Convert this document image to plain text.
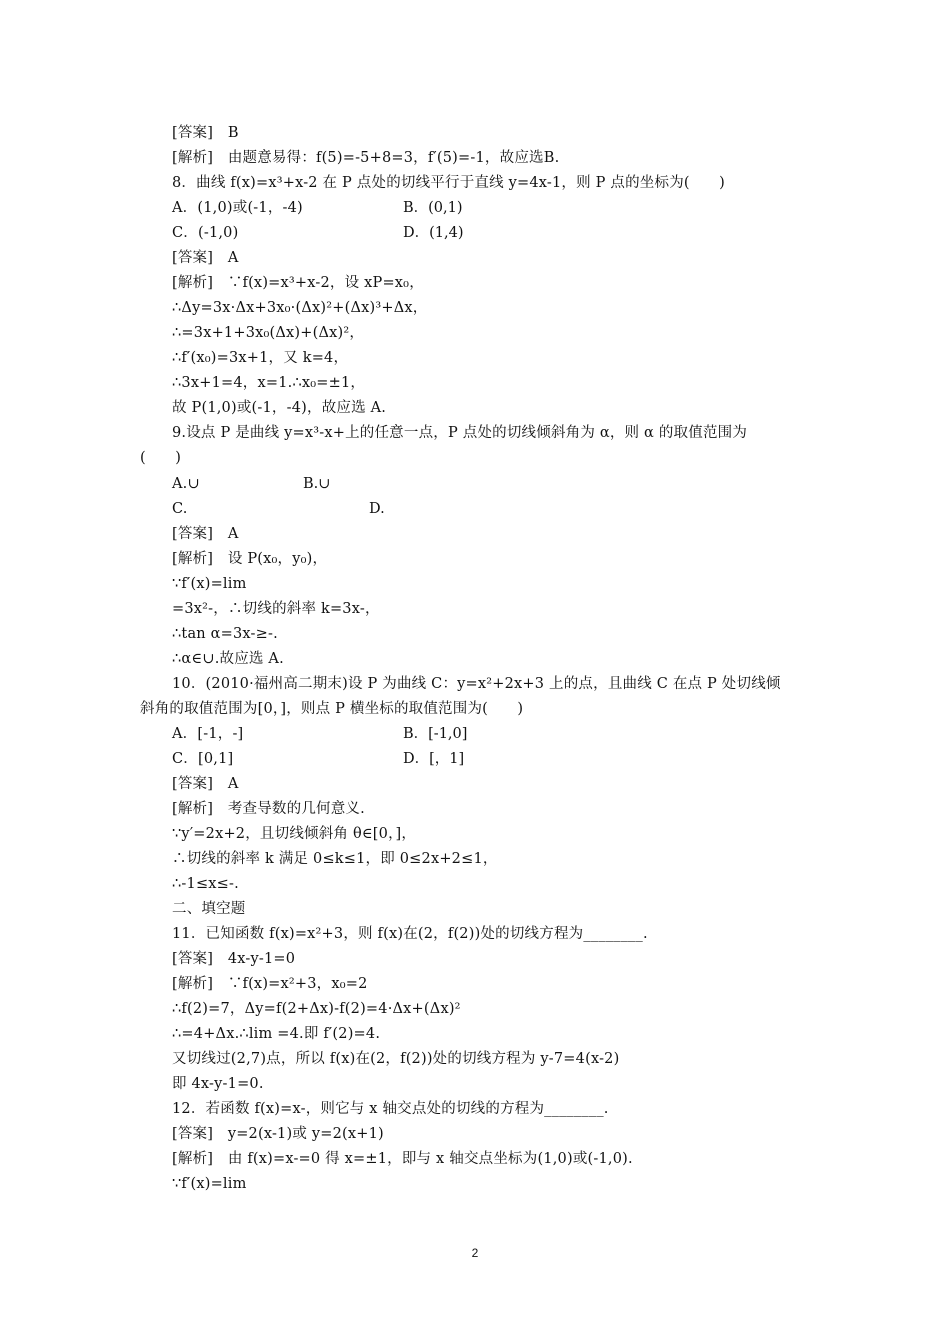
[答案]　B
[解析]　由题意易得：f(5)=-5+8=3，f′(5)=-1，故应选B.
8．曲线 f(x)=x³+x-2 在 P 点处的切线平行于直线 y=4x-1，则 P 点的坐标为(　　)
A．(1,0)或(-1，-4)	B．(0,1)
C．(-1,0)	D．(1,4)
[答案]　A
[解析]　∵f(x)=x³+x-2，设 xP=x₀，
∴Δy=3x·Δx+3x₀·(Δx)²+(Δx)³+Δx，
∴=3x+1+3x₀(Δx)+(Δx)²，
∴f′(x₀)=3x+1，又 k=4，
∴3x+1=4，x=1.∴x₀=±1，
故 P(1,0)或(-1，-4)，故应选 A.
9.设点 P 是曲线 y=x³-x+上的任意一点，P 点处的切线倾斜角为 α，则 α 的取值范围为
(　　)
A.∪	B.∪
C.	D.
[答案]　A
[解析]　设 P(x₀，y₀)，
∵f′(x)=lim
=3x²-，∴切线的斜率 k=3x-，
∴tan α=3x-≥-.
∴α∈∪.故应选 A.
10．(2010·福州高二期末)设 P 为曲线 C：y=x²+2x+3 上的点，且曲线 C 在点 P 处切线倾
斜角的取值范围为[0，]，则点 P 横坐标的取值范围为(　　)
A．[-1，-]	B．[-1,0]
C．[0,1]	D．[，1]
[答案]　A
[解析]　考查导数的几何意义.
∵y′=2x+2，且切线倾斜角 θ∈[0，]，
∴切线的斜率 k 满足 0≤k≤1，即 0≤2x+2≤1，
∴-1≤x≤-.
二、填空题
11．已知函数 f(x)=x²+3，则 f(x)在(2，f(2))处的切线方程为________.
[答案]　4x-y-1=0
[解析]　∵f(x)=x²+3，x₀=2
∴f(2)=7，Δy=f(2+Δx)-f(2)=4·Δx+(Δx)²
∴=4+Δx.∴lim =4.即 f′(2)=4.
又切线过(2,7)点，所以 f(x)在(2，f(2))处的切线方程为 y-7=4(x-2)
即 4x-y-1=0.
12．若函数 f(x)=x-，则它与 x 轴交点处的切线的方程为________.
[答案]　y=2(x-1)或 y=2(x+1)
[解析]　由 f(x)=x-=0 得 x=±1，即与 x 轴交点坐标为(1,0)或(-1,0).
∵f′(x)=lim
2
